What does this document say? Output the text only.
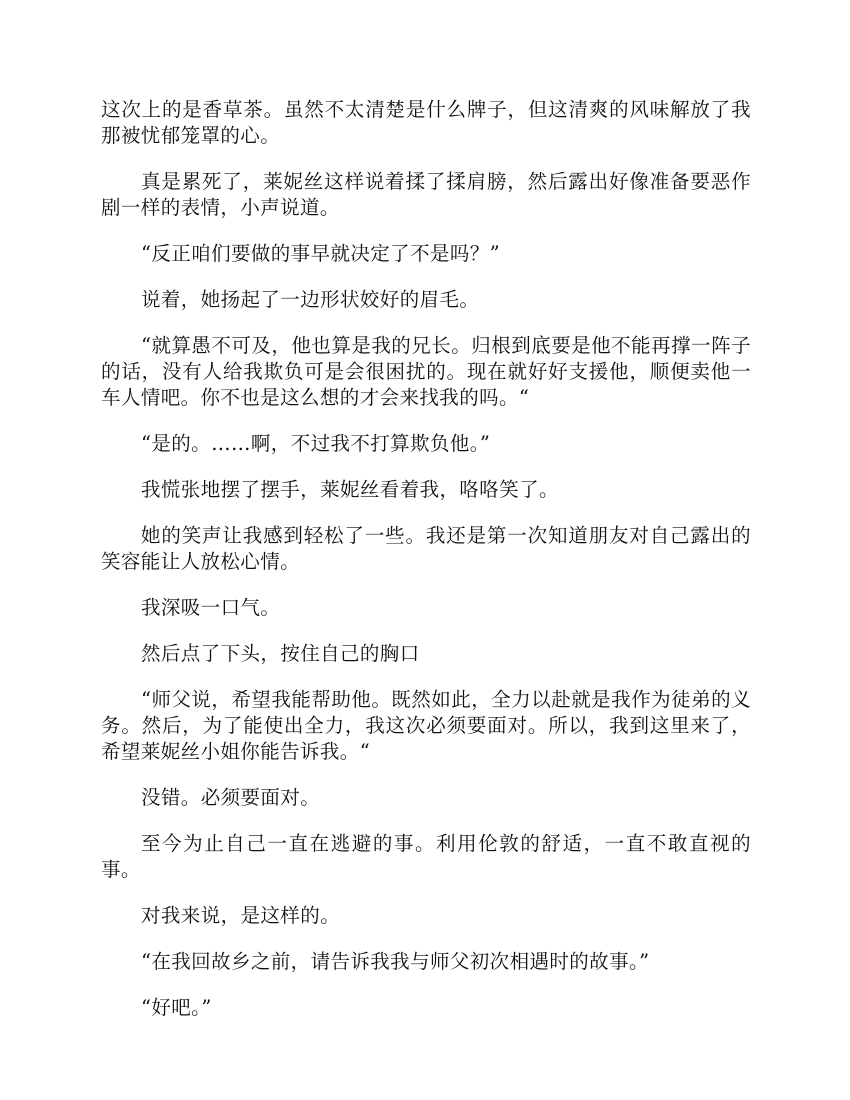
这次上的是香草茶。虽然不太清楚是什么牌子，但这清爽的风味解放了我那被忧郁笼罩的心。

真是累死了，莱妮丝这样说着揉了揉肩膀，然后露出好像准备要恶作剧一样的表情，小声说道。

“反正咱们要做的事早就决定了不是吗？”

说着，她扬起了一边形状姣好的眉毛。

“就算愚不可及，他也算是我的兄长。归根到底要是他不能再撑一阵子的话，没有人给我欺负可是会很困扰的。现在就好好支援他，顺便卖他一车人情吧。你不也是这么想的才会来找我的吗。“

“是的。……啊，不过我不打算欺负他。”

我慌张地摆了摆手，莱妮丝看着我，咯咯笑了。

她的笑声让我感到轻松了一些。我还是第一次知道朋友对自己露出的笑容能让人放松心情。

我深吸一口气。

然后点了下头，按住自己的胸口

“师父说，希望我能帮助他。既然如此，全力以赴就是我作为徒弟的义务。然后，为了能使出全力，我这次必须要面对。所以，我到这里来了，希望莱妮丝小姐你能告诉我。“

没错。必须要面对。

至今为止自己一直在逃避的事。利用伦敦的舒适，一直不敢直视的事。

对我来说，是这样的。

“在我回故乡之前，请告诉我我与师父初次相遇时的故事。”

“好吧。”
